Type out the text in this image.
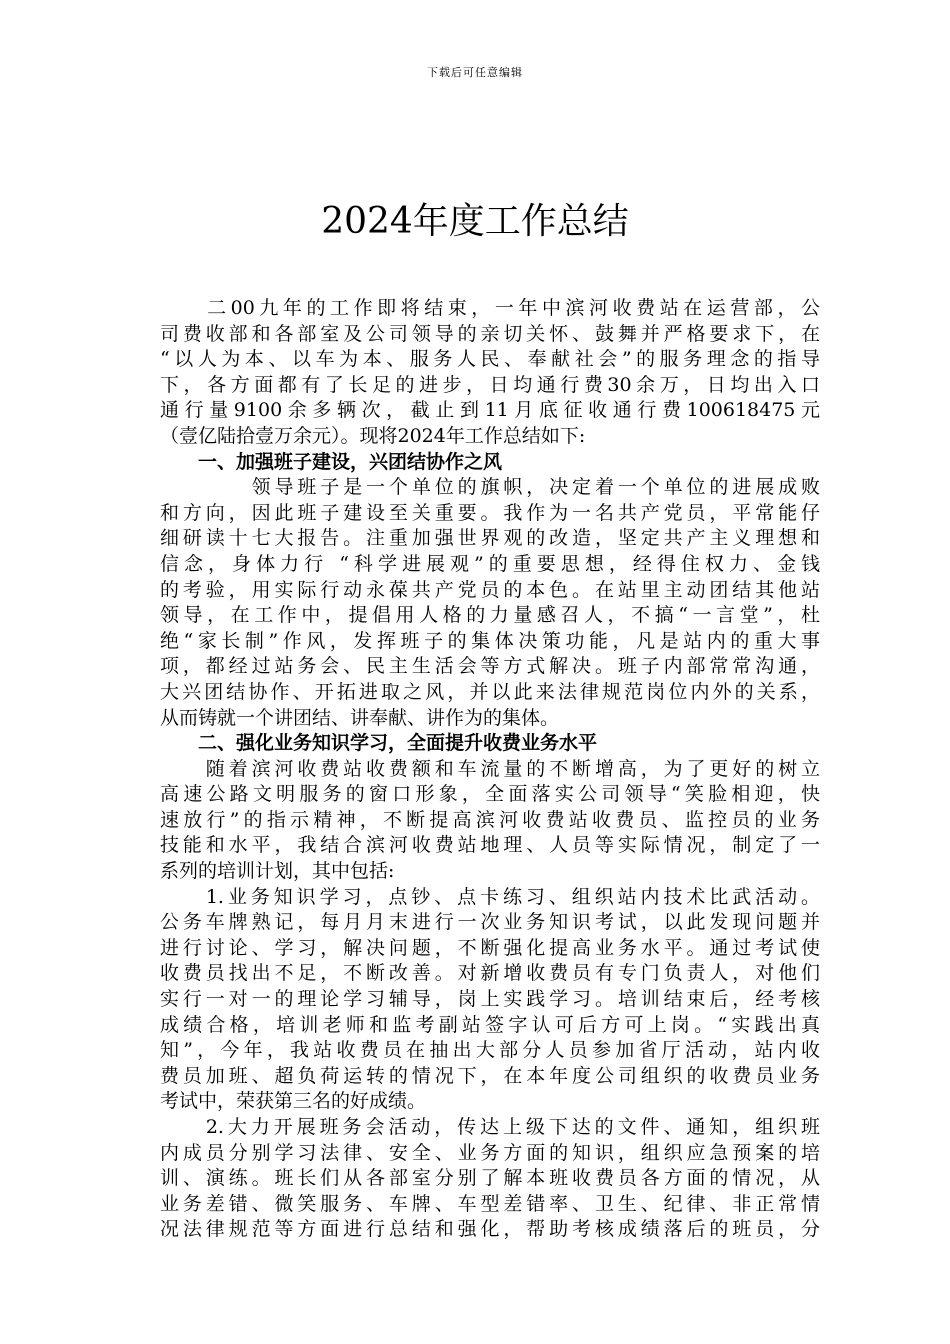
下载后可任意编辑
2024年度工作总结
　　二00九年的工作即将结束，一年中滨河收费站在运营部，公
司费收部和各部室及公司领导的亲切关怀、鼓舞并严格要求下，在
“以人为本、以车为本、服务人民、奉献社会”的服务理念的指导
下，各方面都有了长足的进步，日均通行费30余万，日均出入口
通行量9100余多辆次，截止到11月底征收通行费100618475元
（壹亿陆拾壹万余元）。现将2024年工作总结如下:
　　一、加强班子建设，兴团结协作之风
　　　　领导班子是一个单位的旗帜，决定着一个单位的进展成败
和方向，因此班子建设至关重要。我作为一名共产党员，平常能仔
细研读十七大报告。注重加强世界观的改造，坚定共产主义理想和
信念，身体力行 “科学进展观”的重要思想，经得住权力、金钱
的考验，用实际行动永葆共产党员的本色。在站里主动团结其他站
领导，在工作中，提倡用人格的力量感召人，不搞“一言堂”，杜
绝“家长制”作风，发挥班子的集体决策功能，凡是站内的重大事
项，都经过站务会、民主生活会等方式解决。班子内部常常沟通，
大兴团结协作、开拓进取之风，并以此来法律规范岗位内外的关系，
从而铸就一个讲团结、讲奉献、讲作为的集体。
　　二、强化业务知识学习，全面提升收费业务水平
　　随着滨河收费站收费额和车流量的不断增高，为了更好的树立
高速公路文明服务的窗口形象，全面落实公司领导“笑脸相迎，快
速放行”的指示精神，不断提高滨河收费站收费员、监控员的业务
技能和水平，我结合滨河收费站地理、人员等实际情况，制定了一
系列的培训计划，其中包括:
　　1.业务知识学习，点钞、点卡练习、组织站内技术比武活动。
公务车牌熟记，每月月末进行一次业务知识考试，以此发现问题并
进行讨论、学习，解决问题，不断强化提高业务水平。通过考试使
收费员找出不足，不断改善。对新增收费员有专门负责人，对他们
实行一对一的理论学习辅导，岗上实践学习。培训结束后，经考核
成绩合格，培训老师和监考副站签字认可后方可上岗。“实践出真
知”，今年，我站收费员在抽出大部分人员参加省厅活动，站内收
费员加班、超负荷运转的情况下，在本年度公司组织的收费员业务
考试中，荣获第三名的好成绩。
　　2.大力开展班务会活动，传达上级下达的文件、通知，组织班
内成员分别学习法律、安全、业务方面的知识，组织应急预案的培
训、演练。班长们从各部室分别了解本班收费员各方面的情况，从
业务差错、微笑服务、车牌、车型差错率、卫生、纪律、非正常情
况法律规范等方面进行总结和强化，帮助考核成绩落后的班员，分
